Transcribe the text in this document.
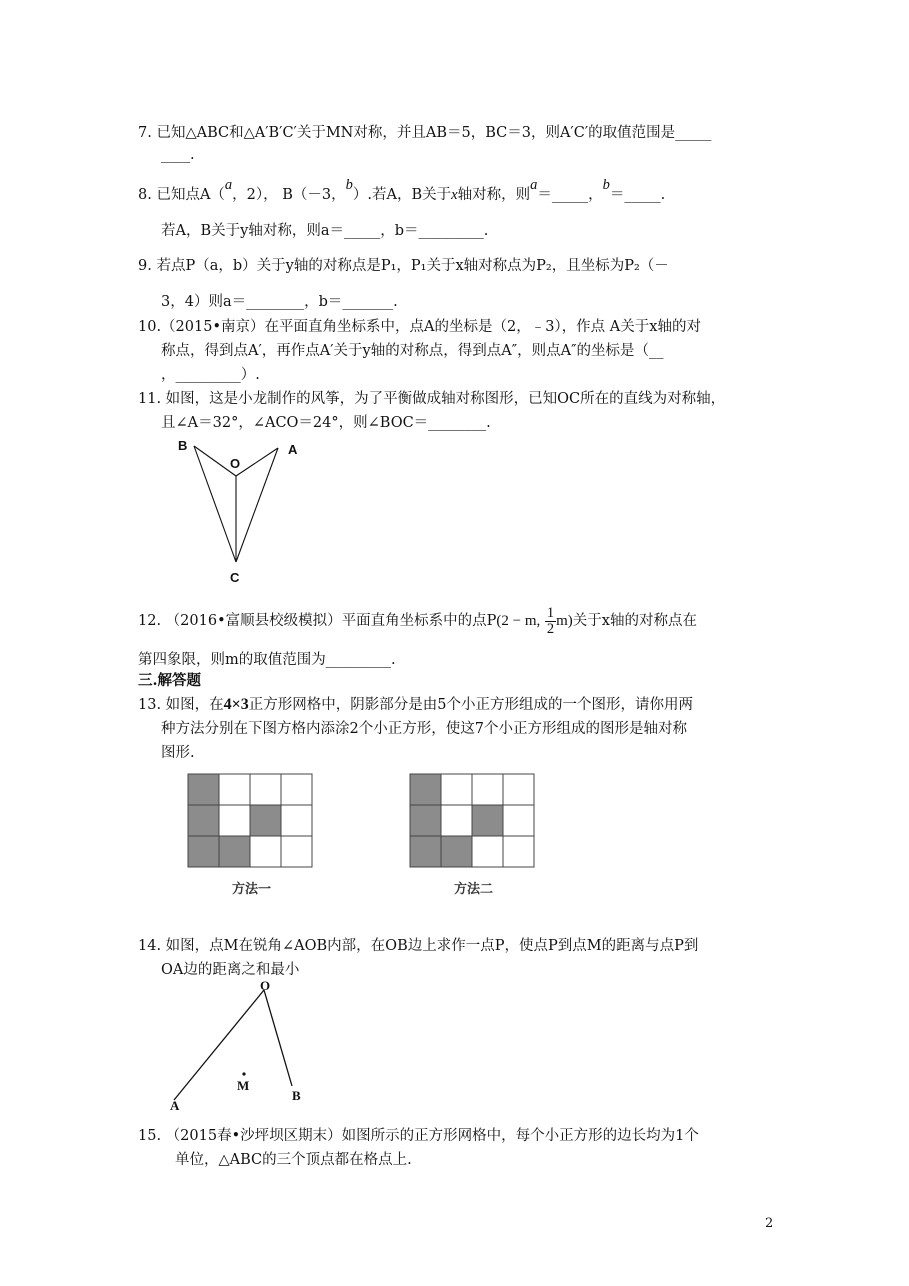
7. 已知△ABC和△A′B′C′关于MN对称，并且AB＝5，BC＝3，则A′C′的取值范围是_____
____.
8. 已知点A（a，2）， B（－3，b）.若A，B关于x轴对称，则a＝_____，b＝_____.
若A，B关于y轴对称，则a＝_____，b＝_________.
9. 若点P（a，b）关于y轴的对称点是P₁，P₁关于x轴对称点为P₂，且坐标为P₂（－
3，4）则a＝________，b＝_______.
10.（2015•南京）在平面直角坐标系中，点A的坐标是（2，﹣3），作点 A关于x轴的对
称点，得到点A′，再作点A′关于y轴的对称点，得到点A″，则点A″的坐标是（__
，_________）.
11. 如图，这是小龙制作的风筝，为了平衡做成轴对称图形，已知OC所在的直线为对称轴，
且∠A＝32°，∠ACO＝24°，则∠BOC＝________.
B
O
A
C
12. （2016•富顺县校级模拟）平面直角坐标系中的点P(2 − m, $\frac{1}{2} m$)关于x轴的对称点在
第四象限，则m的取值范围为_________.
三.解答题
13. 如图，在4×3正方形网格中，阴影部分是由5个小正方形组成的一个图形，请你用两
种方法分别在下图方格内添涂2个小正方形，使这7个小正方形组成的图形是轴对称
图形.
方法一	方法二
14. 如图，点M在锐角∠AOB内部，在OB边上求作一点P，使点P到点M的距离与点P到
OA边的距离之和最小
O
M
A
B
15. （2015春•沙坪坝区期末）如图所示的正方形网格中，每个小正方形的边长均为1个
单位，△ABC的三个顶点都在格点上.
2
